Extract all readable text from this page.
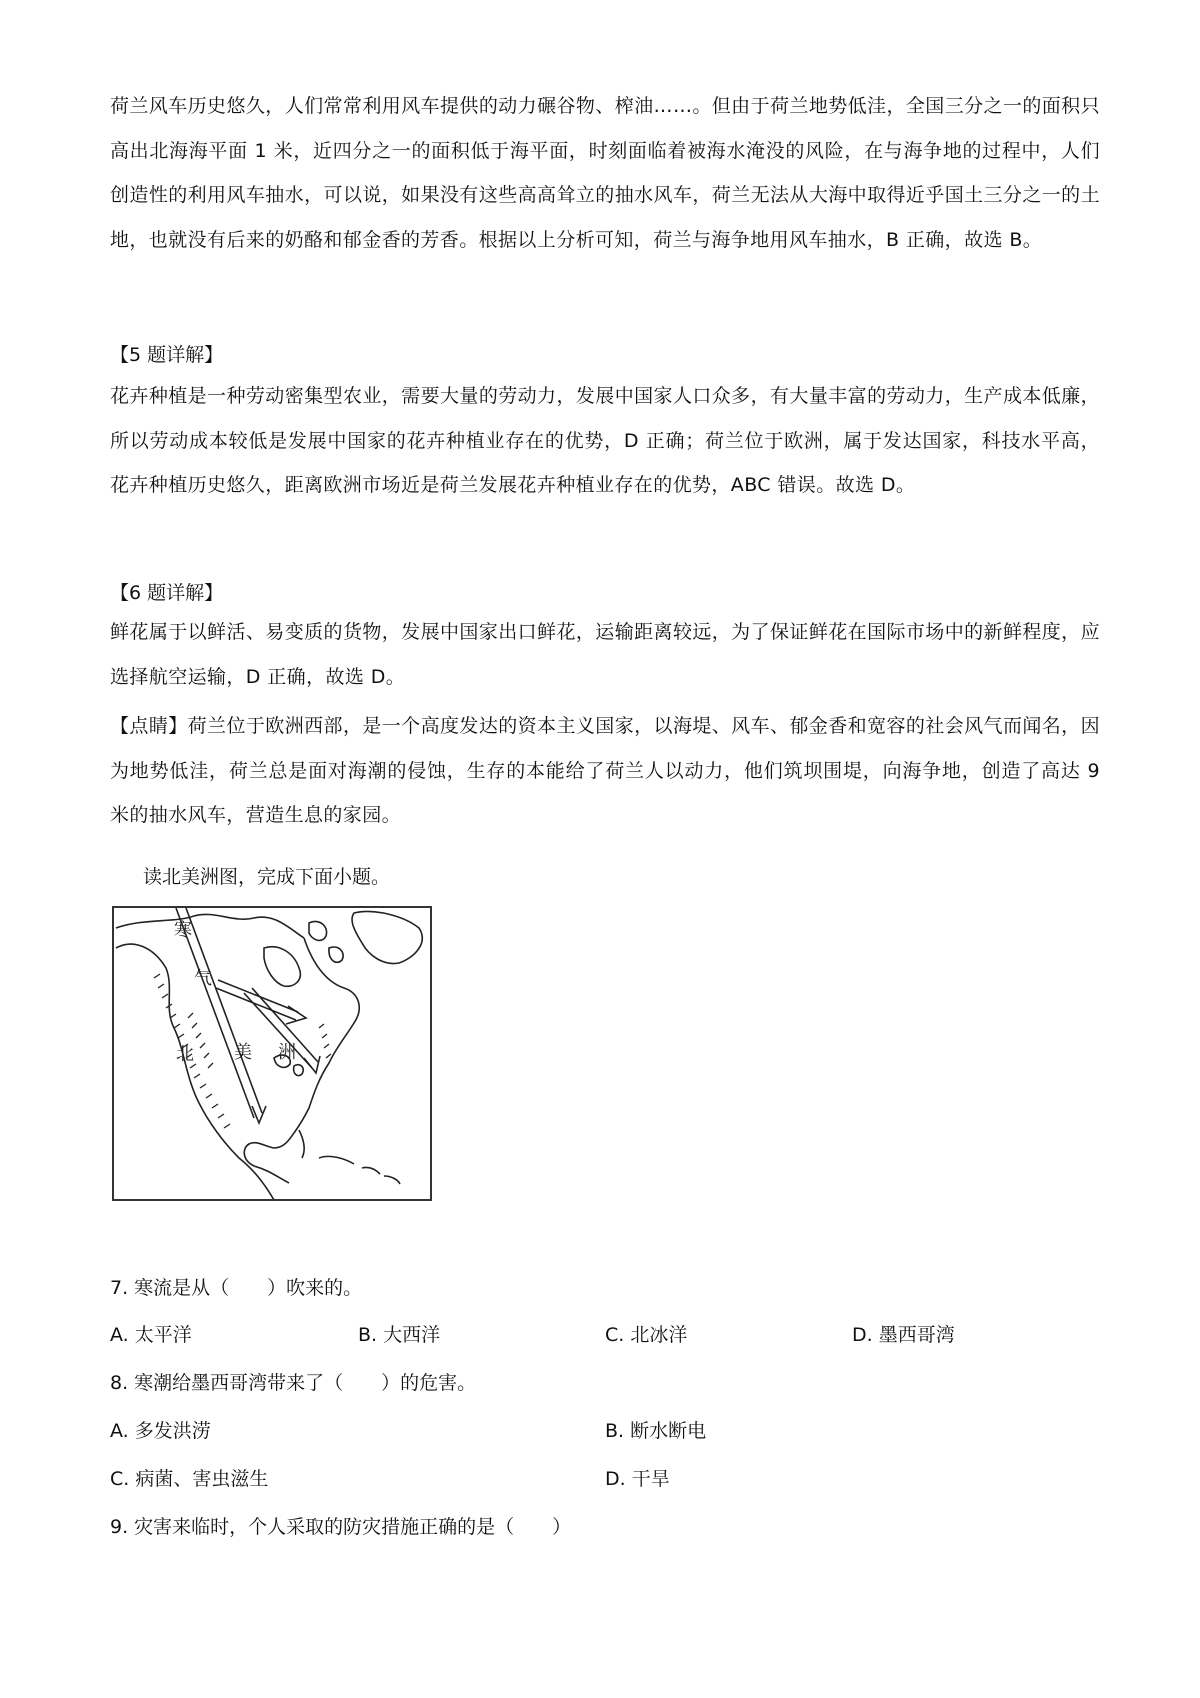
荷兰风车历史悠久，人们常常利用风车提供的动力碾谷物、榨油……。但由于荷兰地势低洼，全国三分之一的面积只高出北海海平面 1 米，近四分之一的面积低于海平面，时刻面临着被海水淹没的风险，在与海争地的过程中，人们创造性的利用风车抽水，可以说，如果没有这些高高耸立的抽水风车，荷兰无法从大海中取得近乎国土三分之一的土地，也就没有后来的奶酪和郁金香的芳香。根据以上分析可知，荷兰与海争地用风车抽水，B 正确，故选 B。
【5 题详解】
花卉种植是一种劳动密集型农业，需要大量的劳动力，发展中国家人口众多，有大量丰富的劳动力，生产成本低廉，所以劳动成本较低是发展中国家的花卉种植业存在的优势，D 正确；荷兰位于欧洲，属于发达国家，科技水平高，花卉种植历史悠久，距离欧洲市场近是荷兰发展花卉种植业存在的优势，ABC 错误。故选 D。
【6 题详解】
鲜花属于以鲜活、易变质的货物，发展中国家出口鲜花，运输距离较远，为了保证鲜花在国际市场中的新鲜程度，应选择航空运输，D 正确，故选 D。
【点睛】荷兰位于欧洲西部，是一个高度发达的资本主义国家，以海堤、风车、郁金香和宽容的社会风气而闻名，因为地势低洼，荷兰总是面对海潮的侵蚀，生存的本能给了荷兰人以动力，他们筑坝围堤，向海争地，创造了高达 9 米的抽水风车，营造生息的家园。
读北美洲图，完成下面小题。
寒
气
北 美 洲
7. 寒流是从（　　）吹来的。
A. 太平洋	B. 大西洋	C. 北冰洋	D. 墨西哥湾
8. 寒潮给墨西哥湾带来了（　　）的危害。
A. 多发洪涝	B. 断水断电
C. 病菌、害虫滋生	D. 干旱
9. 灾害来临时，个人采取的防灾措施正确的是（　　）
